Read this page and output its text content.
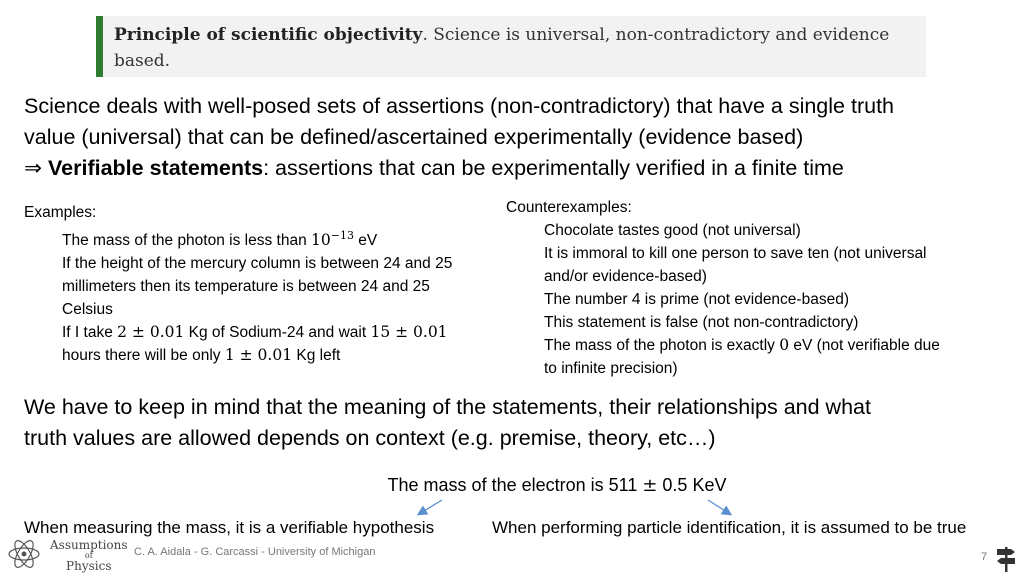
Principle of scientific objectivity. Science is universal, non-contradictory and evidence based.
Science deals with well-posed sets of assertions (non-contradictory) that have a single truth
value (universal) that can be defined/ascertained experimentally (evidence based)
⇒ Verifiable statements: assertions that can be experimentally verified in a finite time
Examples:
The mass of the photon is less than $10^{-13}$ eV
If the height of the mercury column is between 24 and 25
millimeters then its temperature is between 24 and 25
Celsius
If I take 2 ± 0.01 Kg of Sodium-24 and wait 15 ± 0.01
hours there will be only 1 ± 0.01 Kg left
Counterexamples:
Chocolate tastes good (not universal)
It is immoral to kill one person to save ten (not universal
and/or evidence-based)
The number 4 is prime (not evidence-based)
This statement is false (not non-contradictory)
The mass of the photon is exactly 0 eV (not verifiable due
to infinite precision)
We have to keep in mind that the meaning of the statements, their relationships and what
truth values are allowed depends on context (e.g. premise, theory, etc…)
The mass of the electron is 511 ± 0.5 KeV
When measuring the mass, it is a verifiable hypothesis	When performing particle identification, it is assumed to be true
Assumptions
of
Physics
C. A. Aidala - G. Carcassi - University of Michigan	7
